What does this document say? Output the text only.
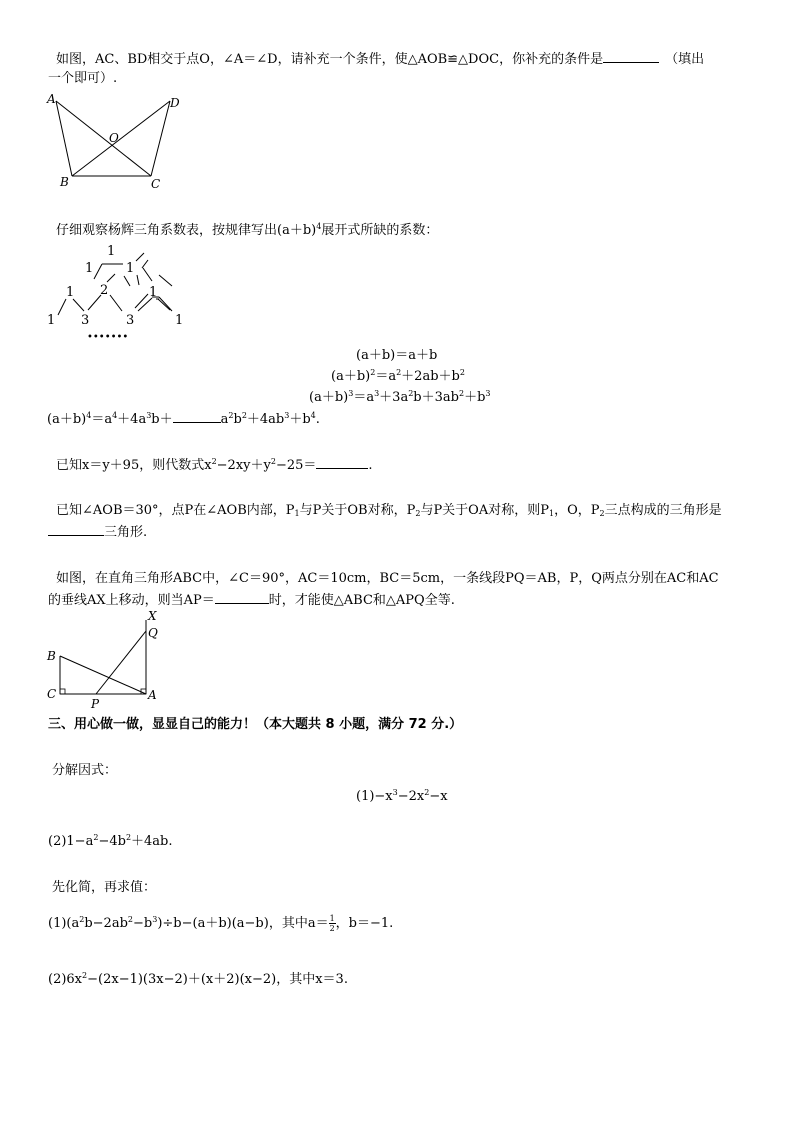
如图，AC、BD相交于点O，∠A＝∠D，请补充一个条件，使△AOB≌△DOC，你补充的条件是	（填出
一个即可）.
A	D
O
B	C
仔细观察杨辉三角系数表，按规律写出$(a+b)^4$展开式所缺的系数：
1
1	1
1 2	1
1 3	3	1
•••••••
(a＋b)＝a＋b
$(a+b)^2=a^2+2ab+b^2$
$(a+b)^3=a^3+3a^2b+3ab^2+b^3$
$(a+b)^4=a^4+4a^3b+$	$a^2b^2+4ab^3+b^4$.
已知x＝y＋95，则代数式$x^2-2xy+y^2-25=$	.
已知∠AOB＝30°，点P在∠AOB内部，$P_1$与P关于OB对称，$P_2$与P关于OA对称，则$P_1$，O，$P_2$三点构成的三角形是
三角形.
如图，在直角三角形ABC中，∠C＝90°，AC＝10cm，BC＝5cm，一条线段PQ＝AB，P，Q两点分别在AC和AC
的垂线AX上移动，则当AP＝	时，才能使△ABC和△APQ全等.
X
Q
B
C
P
A
三、用心做一做，显显自己的能力！（本大题共 8 小题，满分 72 分.）
分解因式：
$(1)-x^3-2x^2-x$
$(2)1-a^2-4b^2+4ab$.
先化简，再求值：
$(1)(a^2b-2ab^2-b^3)\div b-(a+b)(a-b)$，其中$a= \frac{1}{2}$ ，b＝−1.
$(2)6x^2-(2x-1)(3x-2)+(x+2)(x-2)$，其中x＝3.
